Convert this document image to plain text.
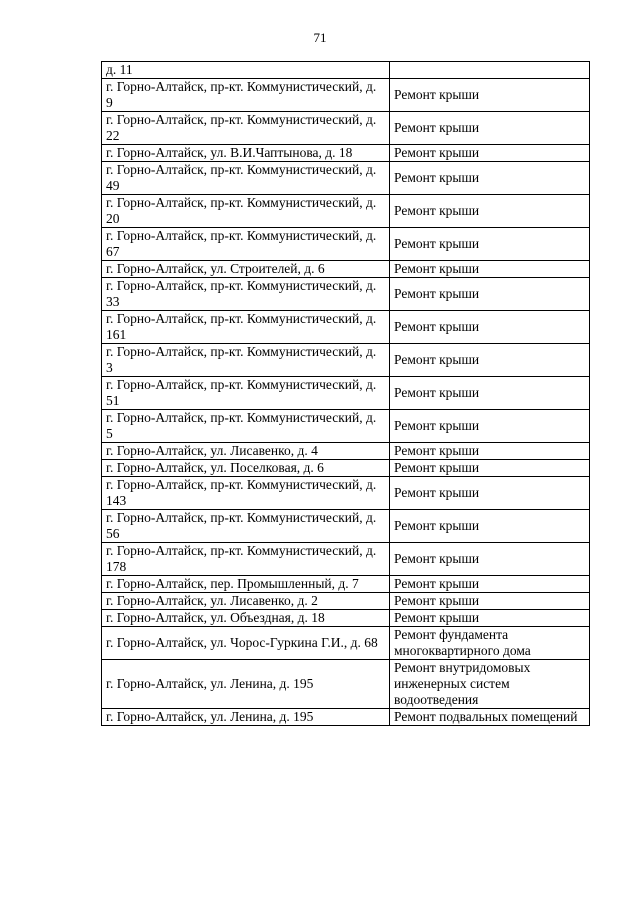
71
д. 11	
г. Горно-Алтайск, пр-кт. Коммунистический, д. 9	Ремонт крыши
г. Горно-Алтайск, пр-кт. Коммунистический, д. 22	Ремонт крыши
г. Горно-Алтайск, ул. В.И.Чаптынова, д. 18	Ремонт крыши
г. Горно-Алтайск, пр-кт. Коммунистический, д. 49	Ремонт крыши
г. Горно-Алтайск, пр-кт. Коммунистический, д. 20	Ремонт крыши
г. Горно-Алтайск, пр-кт. Коммунистический, д. 67	Ремонт крыши
г. Горно-Алтайск, ул. Строителей, д. 6	Ремонт крыши
г. Горно-Алтайск, пр-кт. Коммунистический, д. 33	Ремонт крыши
г. Горно-Алтайск, пр-кт. Коммунистический, д. 161	Ремонт крыши
г. Горно-Алтайск, пр-кт. Коммунистический, д. 3	Ремонт крыши
г. Горно-Алтайск, пр-кт. Коммунистический, д. 51	Ремонт крыши
г. Горно-Алтайск, пр-кт. Коммунистический, д. 5	Ремонт крыши
г. Горно-Алтайск, ул. Лисавенко, д. 4	Ремонт крыши
г. Горно-Алтайск, ул. Поселковая, д. 6	Ремонт крыши
г. Горно-Алтайск, пр-кт. Коммунистический, д. 143	Ремонт крыши
г. Горно-Алтайск, пр-кт. Коммунистический, д. 56	Ремонт крыши
г. Горно-Алтайск, пр-кт. Коммунистический, д. 178	Ремонт крыши
г. Горно-Алтайск, пер. Промышленный, д. 7	Ремонт крыши
г. Горно-Алтайск, ул. Лисавенко, д. 2	Ремонт крыши
г. Горно-Алтайск, ул. Объездная, д. 18	Ремонт крыши
г. Горно-Алтайск, ул. Чорос-Гуркина Г.И., д. 68	Ремонт фундамента многоквартирного дома
г. Горно-Алтайск, ул. Ленина, д. 195	Ремонт внутридомовых инженерных систем водоотведения
г. Горно-Алтайск, ул. Ленина, д. 195	Ремонт подвальных помещений
